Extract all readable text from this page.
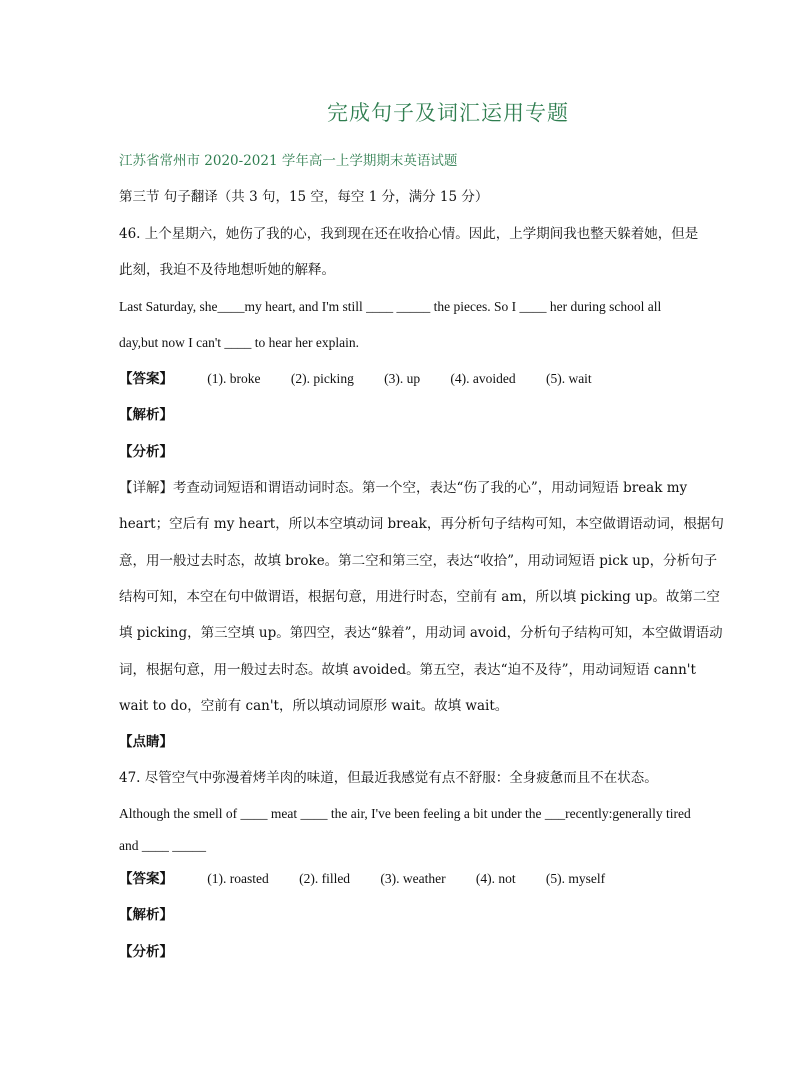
完成句子及词汇运用专题
江苏省常州市 2020-2021 学年高一上学期期末英语试题
第三节 句子翻译（共 3 句，15 空，每空 1 分，满分 15 分）
46. 上个星期六，她伤了我的心，我到现在还在收拾心情。因此，上学期间我也整天躲着她，但是
此刻，我迫不及待地想听她的解释。
Last Saturday, she____my heart, and I'm still ____ _____ the pieces. So I ____ her during school all
day,but now I can't ____ to hear her explain.
【答案】	(1). broke (2). picking (3). up (4). avoided (5). wait
【解析】
【分析】
【详解】考查动词短语和谓语动词时态。第一个空，表达“伤了我的心”，用动词短语 break my
heart；空后有 my heart，所以本空填动词 break，再分析句子结构可知，本空做谓语动词，根据句
意，用一般过去时态，故填 broke。第二空和第三空，表达“收拾”，用动词短语 pick up，分析句子
结构可知，本空在句中做谓语，根据句意，用进行时态，空前有 am，所以填 picking up。故第二空
填 picking，第三空填 up。第四空，表达“躲着”，用动词 avoid，分析句子结构可知，本空做谓语动
词，根据句意，用一般过去时态。故填 avoided。第五空，表达“迫不及待”，用动词短语 cann't
wait to do，空前有 can't，所以填动词原形 wait。故填 wait。
【点睛】
47. 尽管空气中弥漫着烤羊肉的味道，但最近我感觉有点不舒服：全身疲惫而且不在状态。
Although the smell of ____ meat ____ the air, I've been feeling a bit under the ___recently:generally tired
and ____ _____
【答案】	(1). roasted (2). filled (3). weather (4). not (5). myself
【解析】
【分析】
